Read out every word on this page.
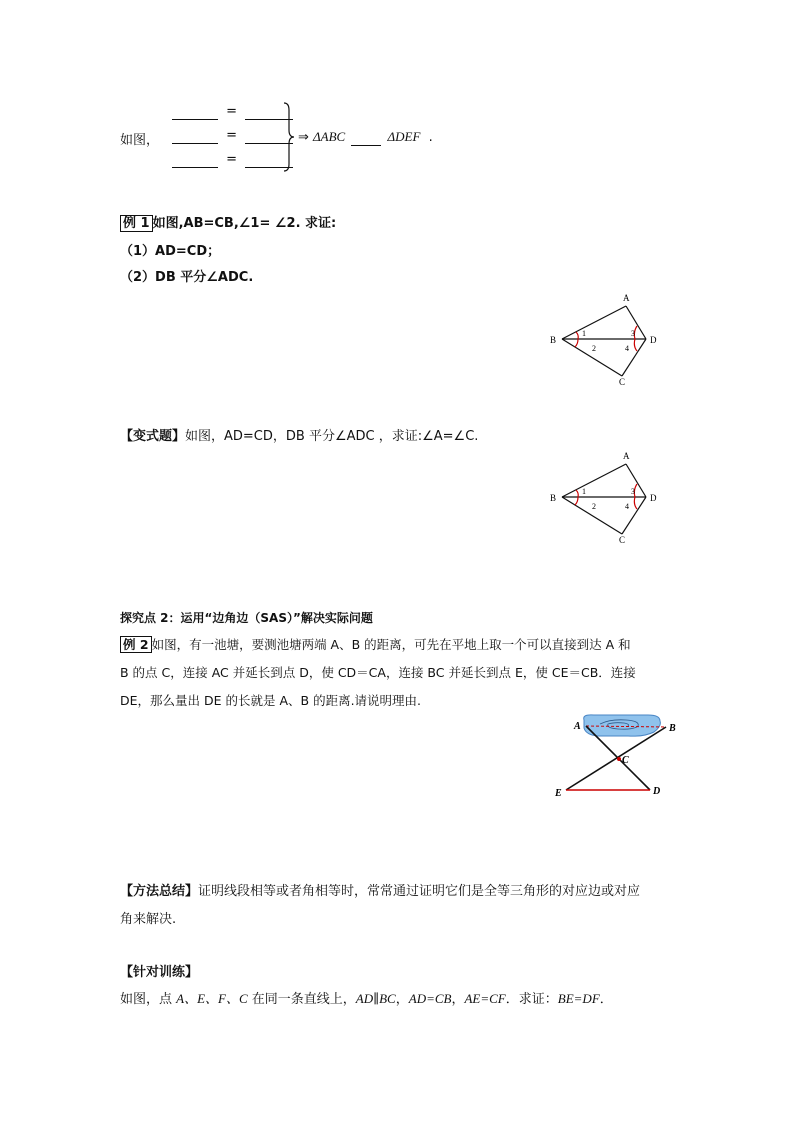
如图，
=
=
=
⇒ ΔABC	ΔDEF .
例 1 如图,AB=CB,∠1= ∠2. 求证:
（1）AD=CD；
（2）DB 平分∠ADC.
A
B
C
D
1
2
3
4
【变式题】如图，AD=CD，DB 平分∠ADC ，求证:∠A=∠C.
A
B
C
D
1
2
3
4
探究点 2：运用“边角边（SAS）”解决实际问题
例 2 如图，有一池塘，要测池塘两端 A、B 的距离，可先在平地上取一个可以直接到达 A 和
B 的点 C，连接 AC 并延长到点 D，使 CD＝CA，连接 BC 并延长到点 E，使 CE＝CB．连接
DE，那么量出 DE 的长就是 A、B 的距离.请说明理由.
A	B
C
D
E
【方法总结】证明线段相等或者角相等时，常常通过证明它们是全等三角形的对应边或对应
角来解决.
【针对训练】
如图，点 A、E、F、C 在同一条直线上，AD∥BC，AD=CB，AE=CF．求证：BE=DF．
